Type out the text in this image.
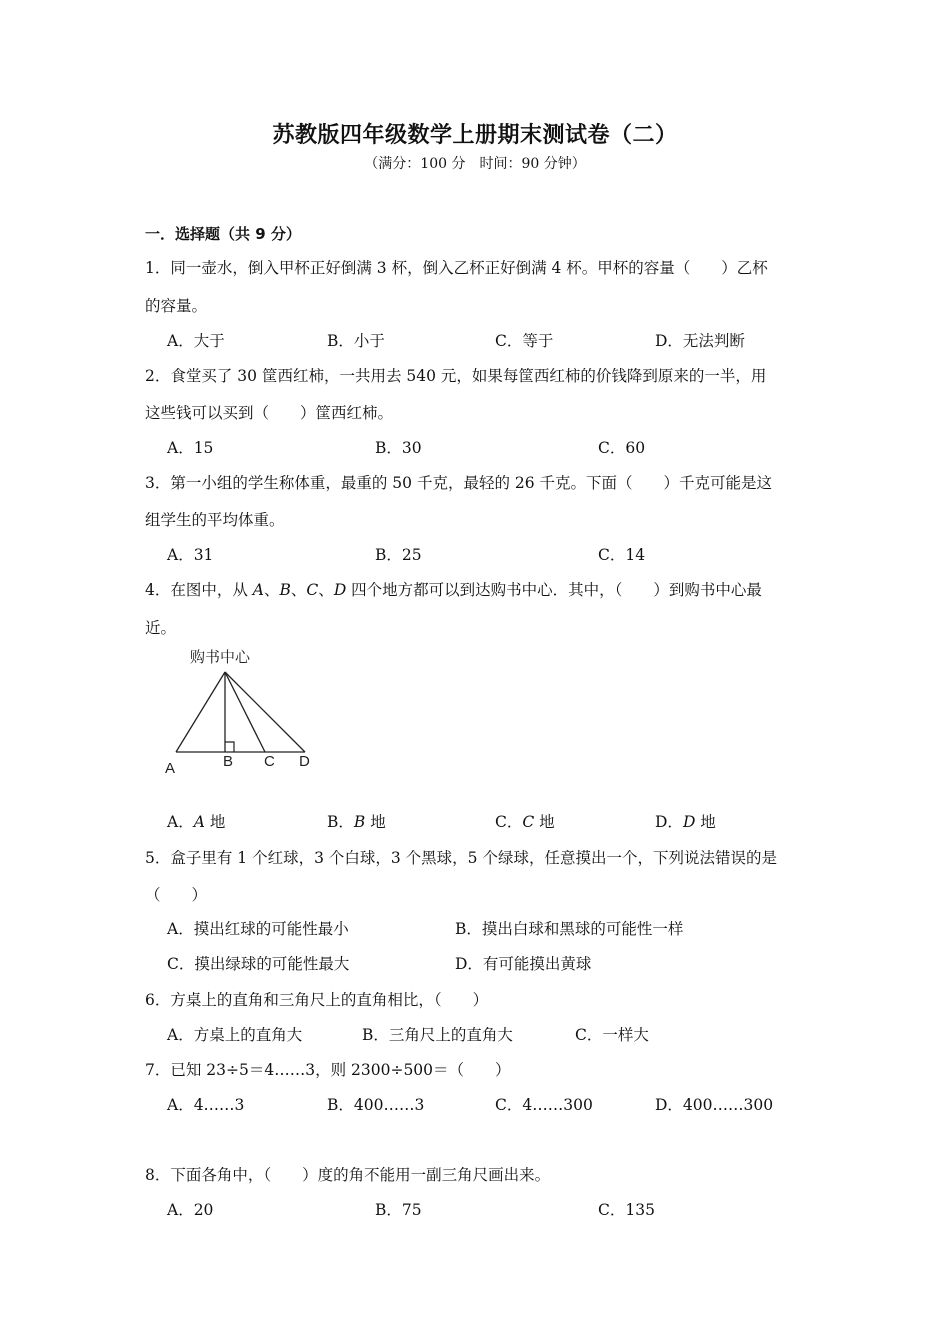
苏教版四年级数学上册期末测试卷（二）
（满分：100 分　时间：90 分钟）
一．选择题（共 9 分）
1．同一壶水，倒入甲杯正好倒满 3 杯，倒入乙杯正好倒满 4 杯。甲杯的容量（　　）乙杯
的容量。
A．大于	B．小于	C．等于	D．无法判断
2．食堂买了 30 筐西红柿，一共用去 540 元，如果每筐西红柿的价钱降到原来的一半，用
这些钱可以买到（　　）筐西红柿。
A．15	B．30	C．60
3．第一小组的学生称体重，最重的 50 千克，最轻的 26 千克。下面（　　）千克可能是这
组学生的平均体重。
A．31	B．25	C．14
4．在图中，从 A、B、C、D 四个地方都可以到达购书中心．其中，（　　）到购书中心最
近。
购书中心
A	B C D
A．A 地	B．B 地	C．C 地	D．D 地
5．盒子里有 1 个红球，3 个白球，3 个黑球，5 个绿球，任意摸出一个，下列说法错误的是
（　　）
A．摸出红球的可能性最小	B．摸出白球和黑球的可能性一样
C．摸出绿球的可能性最大	D．有可能摸出黄球
6．方桌上的直角和三角尺上的直角相比，（　　）
A．方桌上的直角大	B．三角尺上的直角大	C．一样大
7．已知 23÷5＝4……3，则 2300÷500＝（　　）
A．4……3	B．400……3	C．4……300	D．400……300
8．下面各角中，（　　）度的角不能用一副三角尺画出来。
A．20	B．75	C．135
